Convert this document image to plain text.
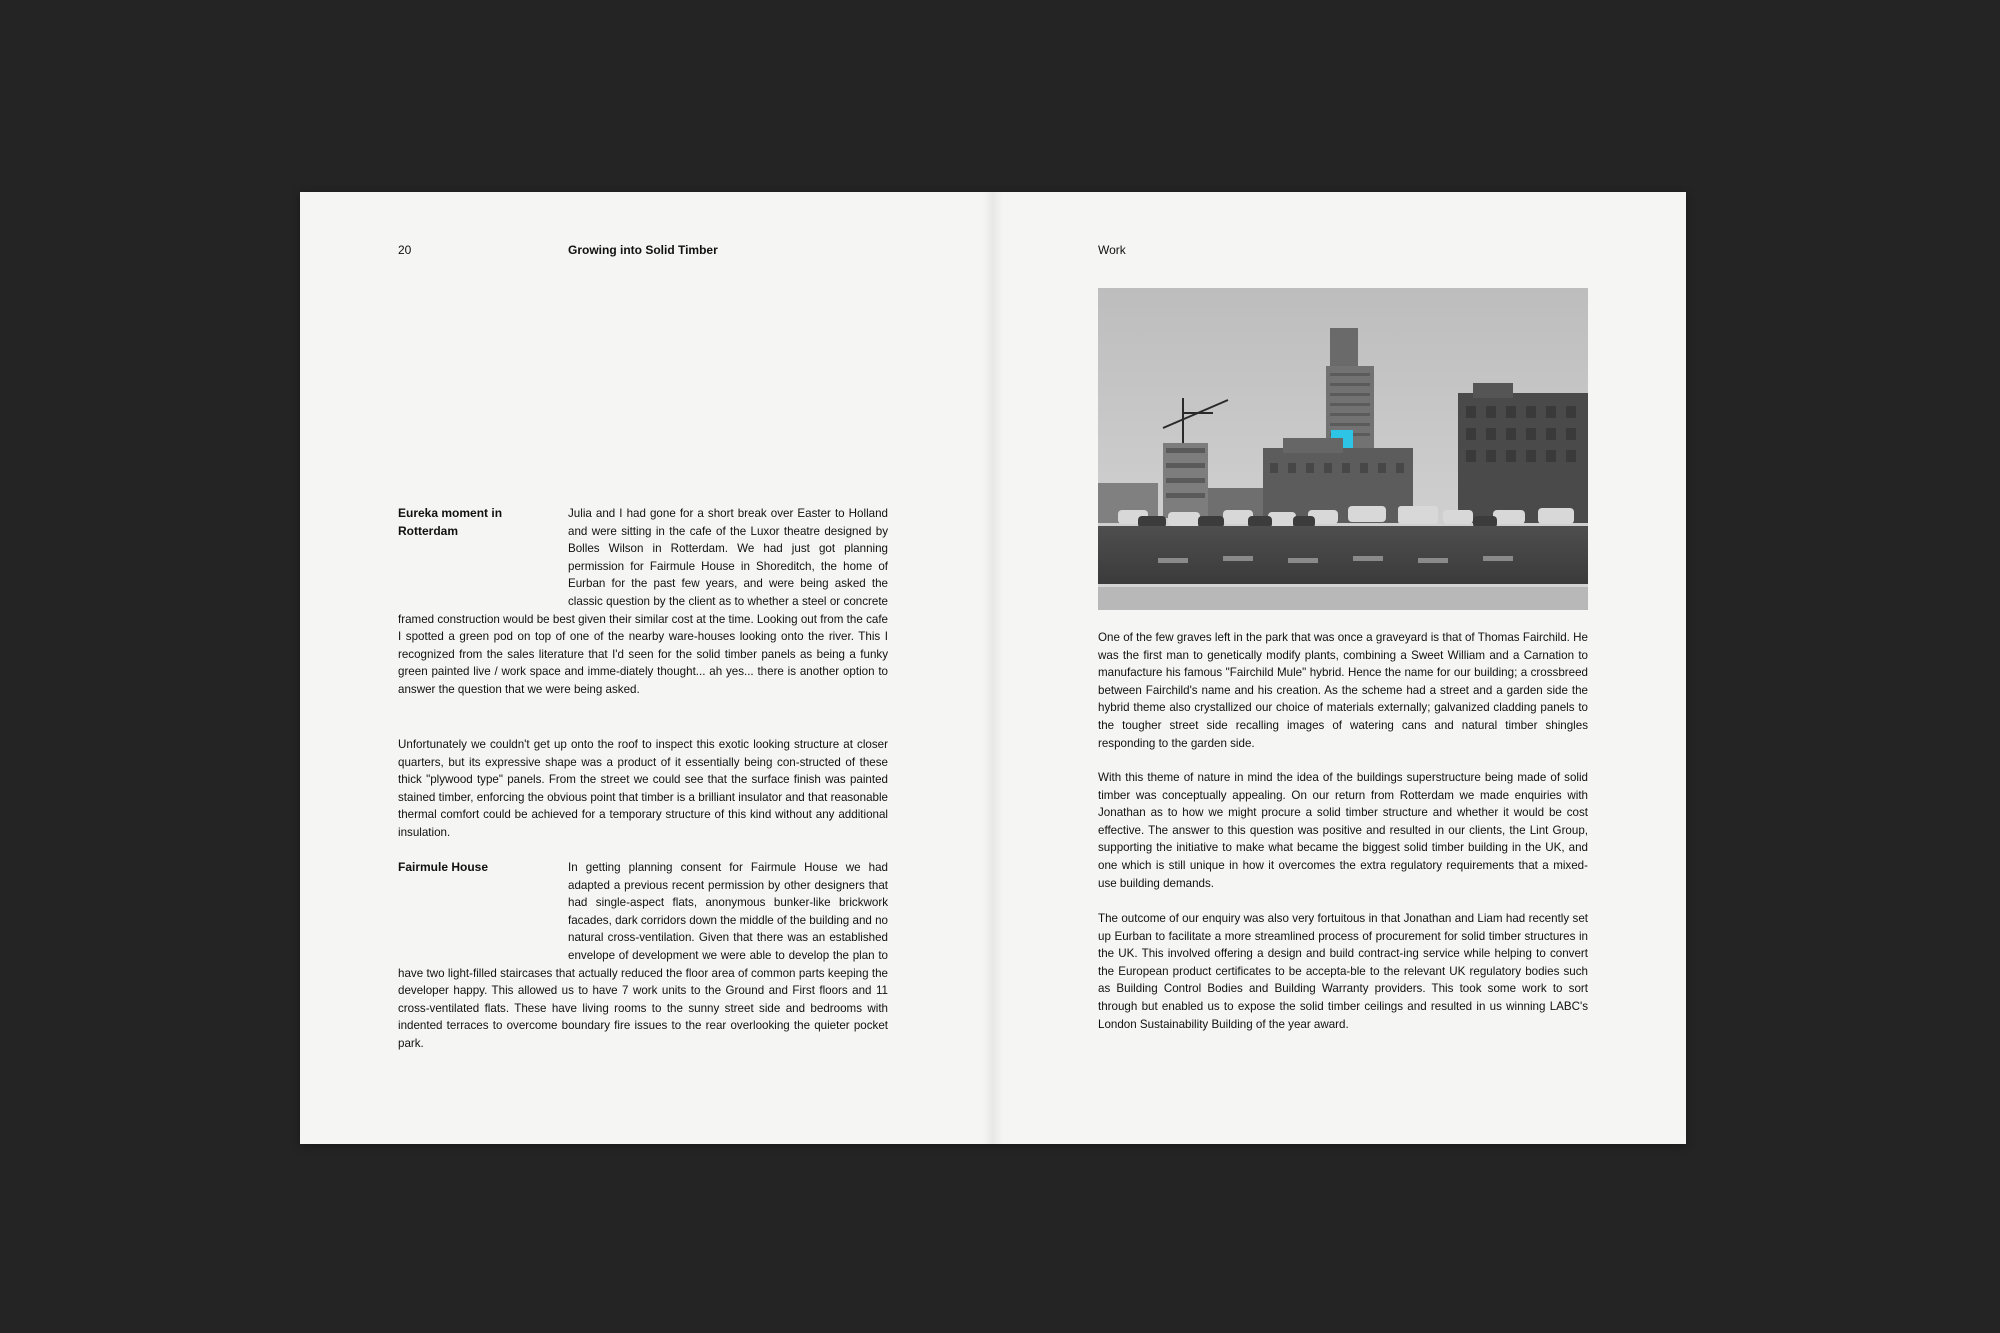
20	Growing into Solid Timber
Eureka moment in Rotterdam

Julia and I had gone for a short break over Easter to Holland and were sitting in the cafe of the Luxor theatre designed by Bolles Wilson in Rotterdam. We had just got planning permission for Fairmule House in Shoreditch, the home of Eurban for the past few years, and were being asked the classic question by the client as to whether a steel or concrete framed construction would be best given their similar cost at the time. Looking out from the cafe I spotted a green pod on top of one of the nearby ware-houses looking onto the river. This I recognized from the sales literature that I'd seen for the solid timber panels as being a funky green painted live / work space and imme-diately thought... ah yes... there is another option to answer the question that we were being asked.

Unfortunately we couldn't get up onto the roof to inspect this exotic looking structure at closer quarters, but its expressive shape was a product of it essentially being con-structed of these thick "plywood type" panels. From the street we could see that the surface finish was painted stained timber, enforcing the obvious point that timber is a brilliant insulator and that reasonable thermal comfort could be achieved for a temporary structure of this kind without any additional insulation.

Fairmule House	In getting planning consent for Fairmule House we had adapted a previous recent permission by other designers that had single-aspect flats, anonymous bunker-like brickwork facades, dark corridors down the middle of the building and no natural cross-ventilation. Given that there was an established envelope of development we were able to develop the plan to have two light-filled staircases that actually reduced the floor area of common parts keeping the developer happy. This allowed us to have 7 work units to the Ground and First floors and 11 cross-ventilated flats. These have living rooms to the sunny street side and bedrooms with indented terraces to overcome boundary fire issues to the rear overlooking the quieter pocket park.

Work

One of the few graves left in the park that was once a graveyard is that of Thomas Fairchild. He was the first man to genetically modify plants, combining a Sweet William and a Carnation to manufacture his famous "Fairchild Mule" hybrid. Hence the name for our building; a crossbreed between Fairchild's name and his creation. As the scheme had a street and a garden side the hybrid theme also crystallized our choice of materials externally; galvanized cladding panels to the tougher street side recalling images of watering cans and natural timber shingles responding to the garden side.

With this theme of nature in mind the idea of the buildings superstructure being made of solid timber was conceptually appealing. On our return from Rotterdam we made enquiries with Jonathan as to how we might procure a solid timber structure and whether it would be cost effective. The answer to this question was positive and resulted in our clients, the Lint Group, supporting the initiative to make what became the biggest solid timber building in the UK, and one which is still unique in how it overcomes the extra regulatory requirements that a mixed-use building demands.

The outcome of our enquiry was also very fortuitous in that Jonathan and Liam had recently set up Eurban to facilitate a more streamlined process of procurement for solid timber structures in the UK. This involved offering a design and build contract-ing service while helping to convert the European product certificates to be accepta-ble to the relevant UK regulatory bodies such as Building Control Bodies and Building Warranty providers. This took some work to sort through but enabled us to expose the solid timber ceilings and resulted in us winning LABC's London Sustainability Building of the year award.
